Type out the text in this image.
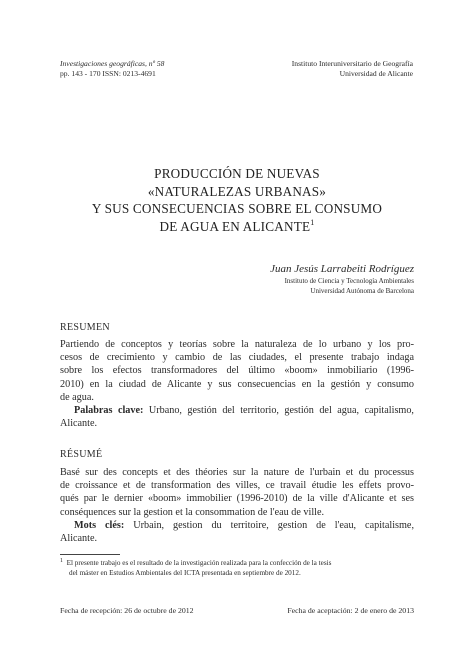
Investigaciones geográficas, nº 58
pp. 143 - 170 ISSN: 0213-4691
Instituto Interuniversitario de Geografía
Universidad de Alicante
PRODUCCIÓN DE NUEVAS
«NATURALEZAS URBANAS»
Y SUS CONSECUENCIAS SOBRE EL CONSUMO
DE AGUA EN ALICANTE$^1$
Juan Jesús Larrabeiti Rodríguez
Instituto de Ciencia y Tecnología Ambientales
Universidad Autónoma de Barcelona
RESUMEN
Partiendo de conceptos y teorías sobre la naturaleza de lo urbano y los pro-
cesos de crecimiento y cambio de las ciudades, el presente trabajo indaga
sobre los efectos transformadores del último «boom» inmobiliario (1996-
2010) en la ciudad de Alicante y sus consecuencias en la gestión y consumo
de agua.
Palabras clave: Urbano, gestión del territorio, gestión del agua, capitalismo,
Alicante.
RÉSUMÉ
Basé sur des concepts et des théories sur la nature de l'urbain et du processus
de croissance et de transformation des villes, ce travail étudie les effets provo-
qués par le dernier «boom» immobilier (1996-2010) de la ville d'Alicante et ses
conséquences sur la gestion et la consommation de l'eau de ville.
Mots clés: Urbain, gestion du territoire, gestion de l'eau, capitalisme,
Alicante.
$^1$ El presente trabajo es el resultado de la investigación realizada para la confección de la tesis
del máster en Estudios Ambientales del ICTA presentada en septiembre de 2012.
Fecha de recepción: 26 de octubre de 2012	Fecha de aceptación: 2 de enero de 2013
